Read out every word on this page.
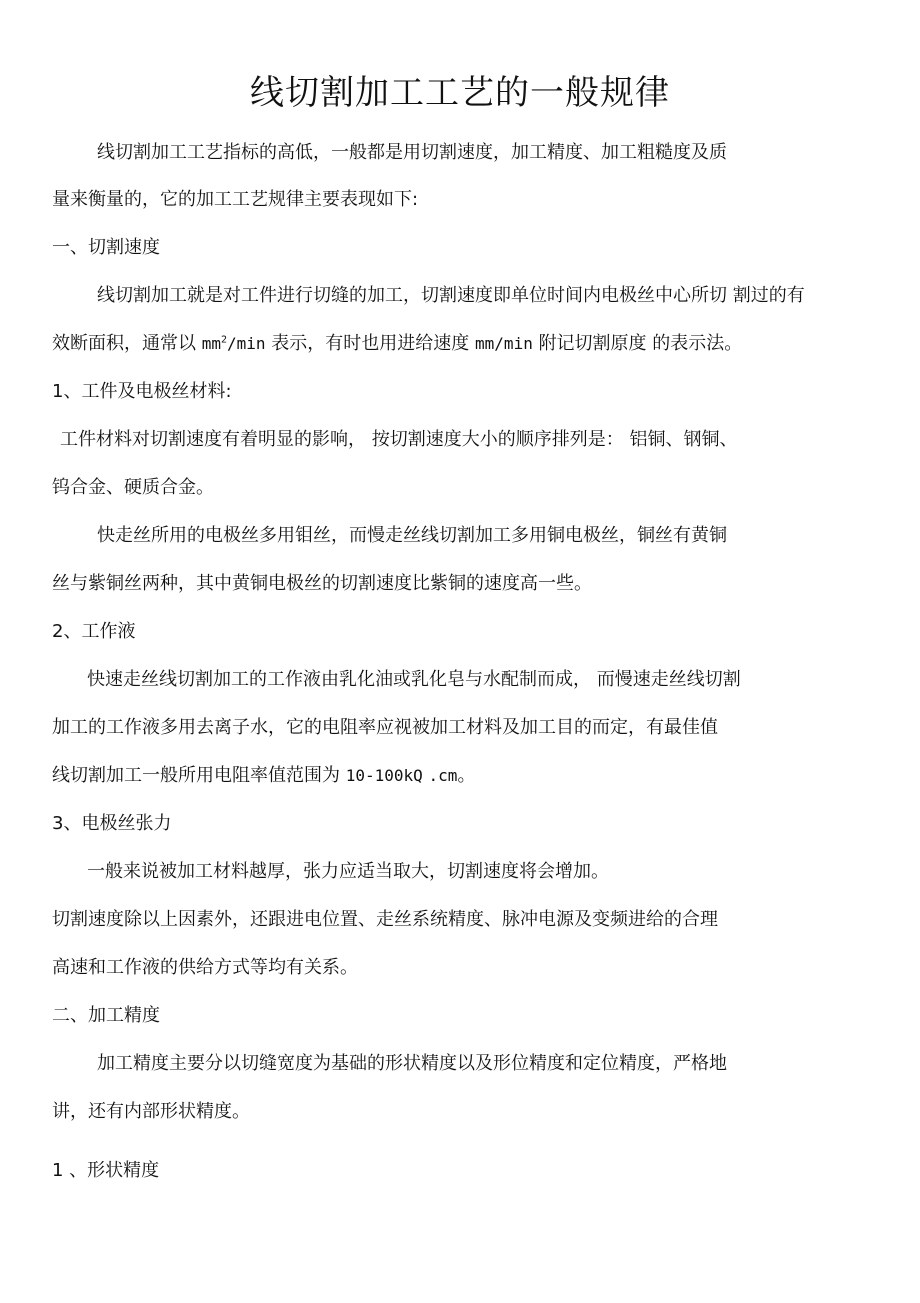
线切割加工工艺的一般规律
线切割加工工艺指标的高低，一般都是用切割速度，加工精度、加工粗糙度及质
量来衡量的，它的加工工艺规律主要表现如下:
一、切割速度
线切割加工就是对工件进行切缝的加工，切割速度即单位时间内电极丝中心所切 割过的有
效断面积，通常以 $mm^2/\min$ 表示，有时也用进给速度 mm/min 附记切割原度 的表示法。
1、工件及电极丝材料:
工件材料对切割速度有着明显的影响， 按切割速度大小的顺序排列是： 铝铜、钢铜、
钨合金、硬质合金。
快走丝所用的电极丝多用钼丝，而慢走丝线切割加工多用铜电极丝，铜丝有黄铜
丝与紫铜丝两种，其中黄铜电极丝的切割速度比紫铜的速度高一些。
2、工作液
快速走丝线切割加工的工作液由乳化油或乳化皂与水配制而成， 而慢速走丝线切割
加工的工作液多用去离子水，它的电阻率应视被加工材料及加工目的而定，有最佳值
线切割加工一般所用电阻率值范围为 10-100kQ .cm。
3、电极丝张力
一般来说被加工材料越厚，张力应适当取大，切割速度将会增加。
切割速度除以上因素外，还跟进电位置、走丝系统精度、脉冲电源及变频进给的合理
高速和工作液的供给方式等均有关系。
二、加工精度
加工精度主要分以切缝宽度为基础的形状精度以及形位精度和定位精度，严格地
讲，还有内部形状精度。
1 、形状精度
